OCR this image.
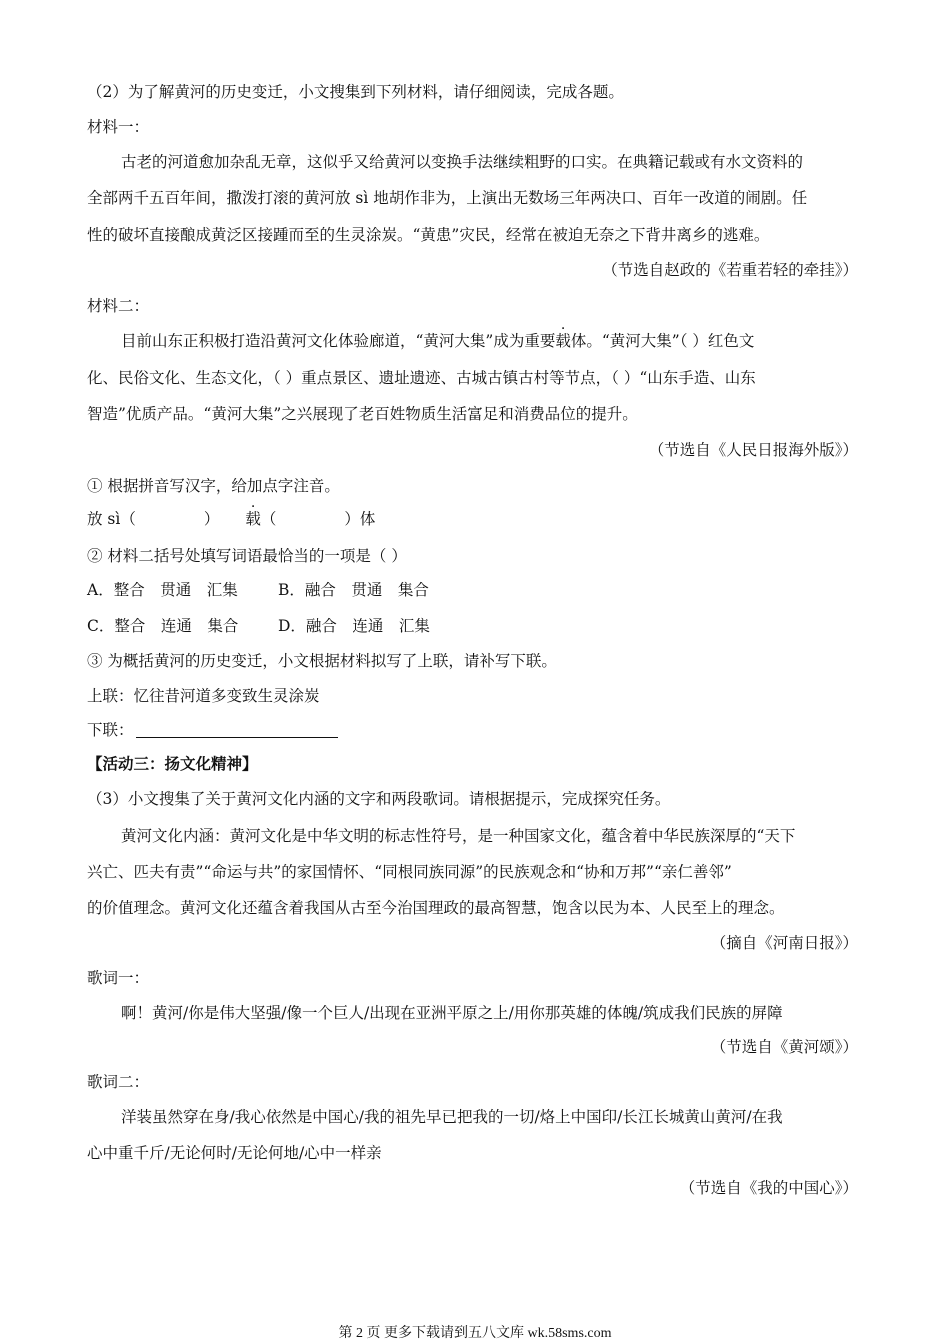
（2）为了解黄河的历史变迁，小文搜集到下列材料，请仔细阅读，完成各题。
材料一：
古老的河道愈加杂乱无章，这似乎又给黄河以变换手法继续粗野的口实。在典籍记载或有水文资料的
全部两千五百年间，撒泼打滚的黄河放 sì 地胡作非为，上演出无数场三年两决口、百年一改道的闹剧。任
性的破坏直接酿成黄泛区接踵而至的生灵涂炭。“黄患”灾民，经常在被迫无奈之下背井离乡的逃难。
（节选自赵政的《若重若轻的牵挂》）
材料二：
目前山东正积极打造沿黄河文化体验廊道，“黄河大集”成为重要载体。“黄河大集”（ ）红色文
化、民俗文化、生态文化，（ ）重点景区、遗址遗迹、古城古镇古村等节点，（ ）“山东手造、山东
智造”优质产品。“黄河大集”之兴展现了老百姓物质生活富足和消费品位的提升。
（节选自《人民日报海外版》）
① 根据拼音写汉字，给加点字注音。
放 sì（	） 载（	）体
② 材料二括号处填写词语最恰当的一项是（ ）
A．整合　贯通　汇集	B．融合　贯通　集合
C．整合　连通　集合	D．融合　连通　汇集
③ 为概括黄河的历史变迁，小文根据材料拟写了上联，请补写下联。
上联：忆往昔河道多变致生灵涂炭
下联：
【活动三：扬文化精神】
（3）小文搜集了关于黄河文化内涵的文字和两段歌词。请根据提示，完成探究任务。
黄河文化内涵：黄河文化是中华文明的标志性符号，是一种国家文化，蕴含着中华民族深厚的“天下
兴亡、匹夫有责”“命运与共”的家国情怀、“同根同族同源”的民族观念和“协和万邦”“亲仁善邻”
的价值理念。黄河文化还蕴含着我国从古至今治国理政的最高智慧，饱含以民为本、人民至上的理念。
（摘自《河南日报》）
歌词一：
啊！黄河/你是伟大坚强/像一个巨人/出现在亚洲平原之上/用你那英雄的体魄/筑成我们民族的屏障
（节选自《黄河颂》）
歌词二：
洋装虽然穿在身/我心依然是中国心/我的祖先早已把我的一切/烙上中国印/长江长城黄山黄河/在我
心中重千斤/无论何时/无论何地/心中一样亲
（节选自《我的中国心》）
第 2 页 更多下载请到五八文库 wk.58sms.com
